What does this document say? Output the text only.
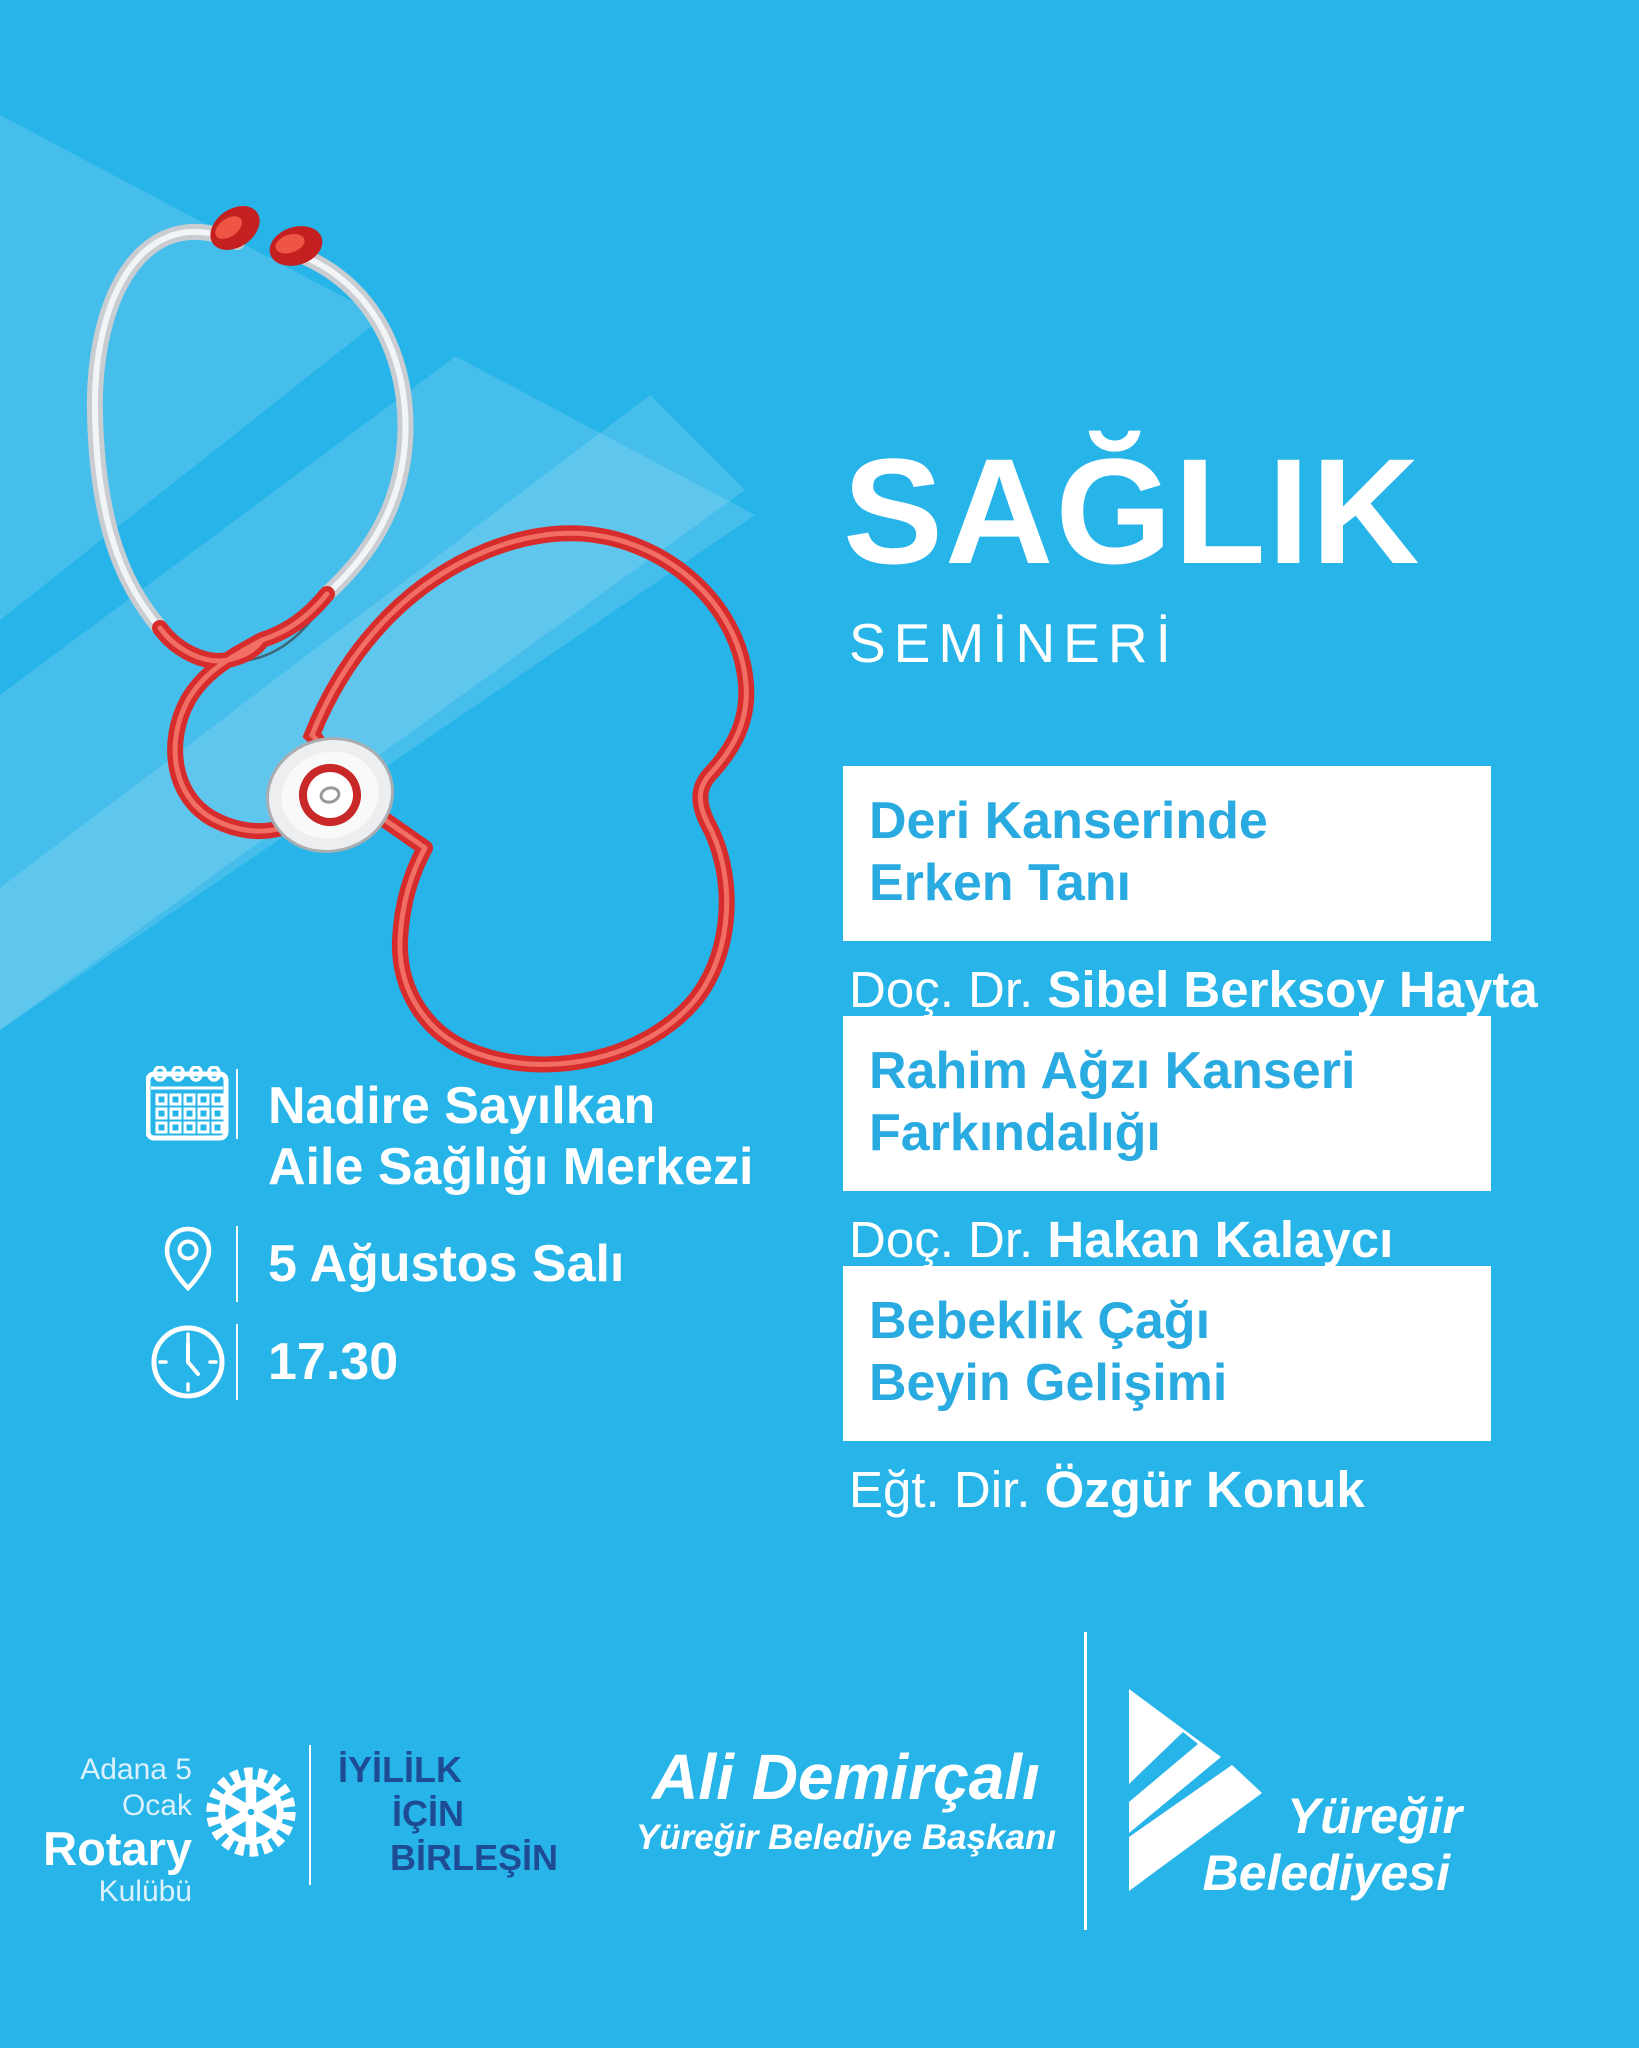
SAĞLIK
SEMİNERİ
Deri Kanserinde
Erken Tanı
Doç. Dr. Sibel Berksoy Hayta
Rahim Ağzı Kanseri
Farkındalığı
Doç. Dr. Hakan Kalaycı
Bebeklik Çağı
Beyin Gelişimi
Eğt. Dir. Özgür Konuk
Nadire Sayılkan
Aile Sağlığı Merkezi
5 Ağustos Salı
17.30
Adana 5 Ocak
Rotary
Kulübü
İYİLİLK
İÇİN
BİRLEŞİN
Ali Demirçalı
Yüreğir Belediye Başkanı	Yüreğir
Belediyesi
